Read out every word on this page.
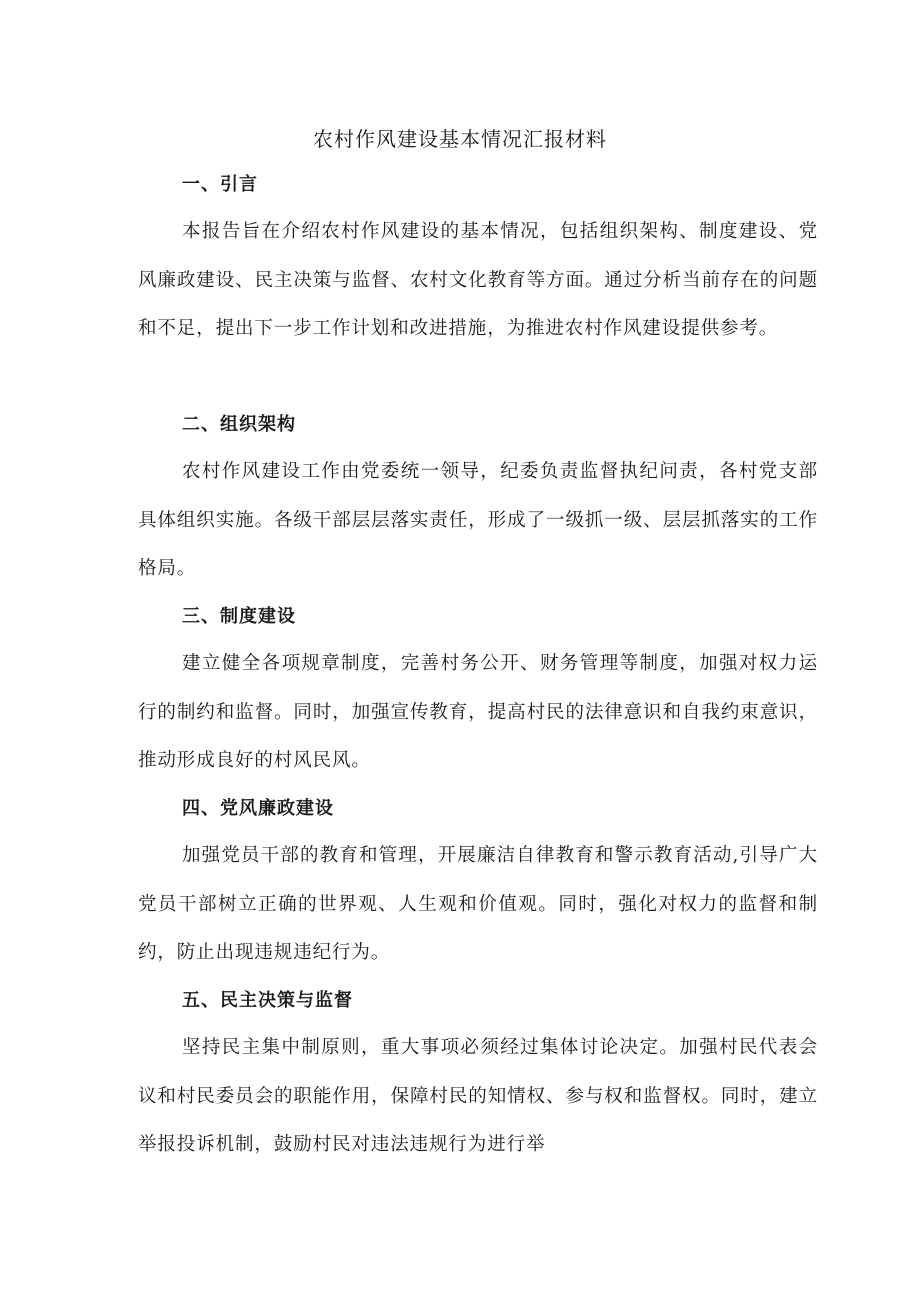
农村作风建设基本情况汇报材料
一、引言

本报告旨在介绍农村作风建设的基本情况，包括组织架构、制度建设、党风廉政建设、民主决策与监督、农村文化教育等方面。通过分析当前存在的问题和不足，提出下一步工作计划和改进措施，为推进农村作风建设提供参考。

二、组织架构

农村作风建设工作由党委统一领导，纪委负责监督执纪问责，各村党支部具体组织实施。各级干部层层落实责任，形成了一级抓一级、层层抓落实的工作格局。

三、制度建设

建立健全各项规章制度，完善村务公开、财务管理等制度，加强对权力运行的制约和监督。同时，加强宣传教育，提高村民的法律意识和自我约束意识，推动形成良好的村风民风。

四、党风廉政建设

加强党员干部的教育和管理，开展廉洁自律教育和警示教育活动,引导广大党员干部树立正确的世界观、人生观和价值观。同时，强化对权力的监督和制约，防止出现违规违纪行为。

五、民主决策与监督

坚持民主集中制原则，重大事项必须经过集体讨论决定。加强村民代表会议和村民委员会的职能作用，保障村民的知情权、参与权和监督权。同时，建立举报投诉机制，鼓励村民对违法违规行为进行举
